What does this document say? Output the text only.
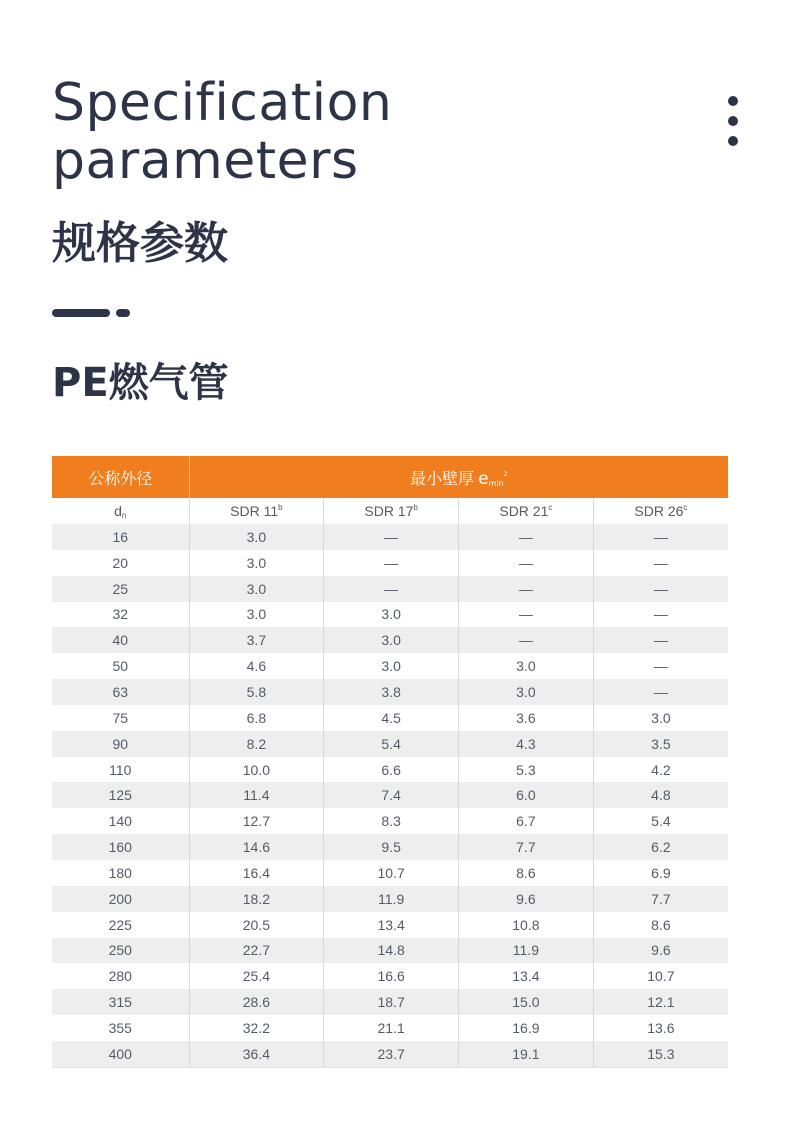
Specification
parameters
规格参数
PE燃气管
公称外径	最小壁厚 $e_{min}^2$
$d_n$	SDR 11$^b$	SDR 17$^b$	SDR 21$^c$	SDR 26$^c$
16	3.0	—	—	—
20	3.0	—	—	—
25	3.0	—	—	—
32	3.0	3.0	—	—
40	3.7	3.0	—	—
50	4.6	3.0	3.0	—
63	5.8	3.8	3.0	—
75	6.8	4.5	3.6	3.0
90	8.2	5.4	4.3	3.5
110	10.0	6.6	5.3	4.2
125	11.4	7.4	6.0	4.8
140	12.7	8.3	6.7	5.4
160	14.6	9.5	7.7	6.2
180	16.4	10.7	8.6	6.9
200	18.2	11.9	9.6	7.7
225	20.5	13.4	10.8	8.6
250	22.7	14.8	11.9	9.6
280	25.4	16.6	13.4	10.7
315	28.6	18.7	15.0	12.1
355	32.2	21.1	16.9	13.6
400	36.4	23.7	19.1	15.3
